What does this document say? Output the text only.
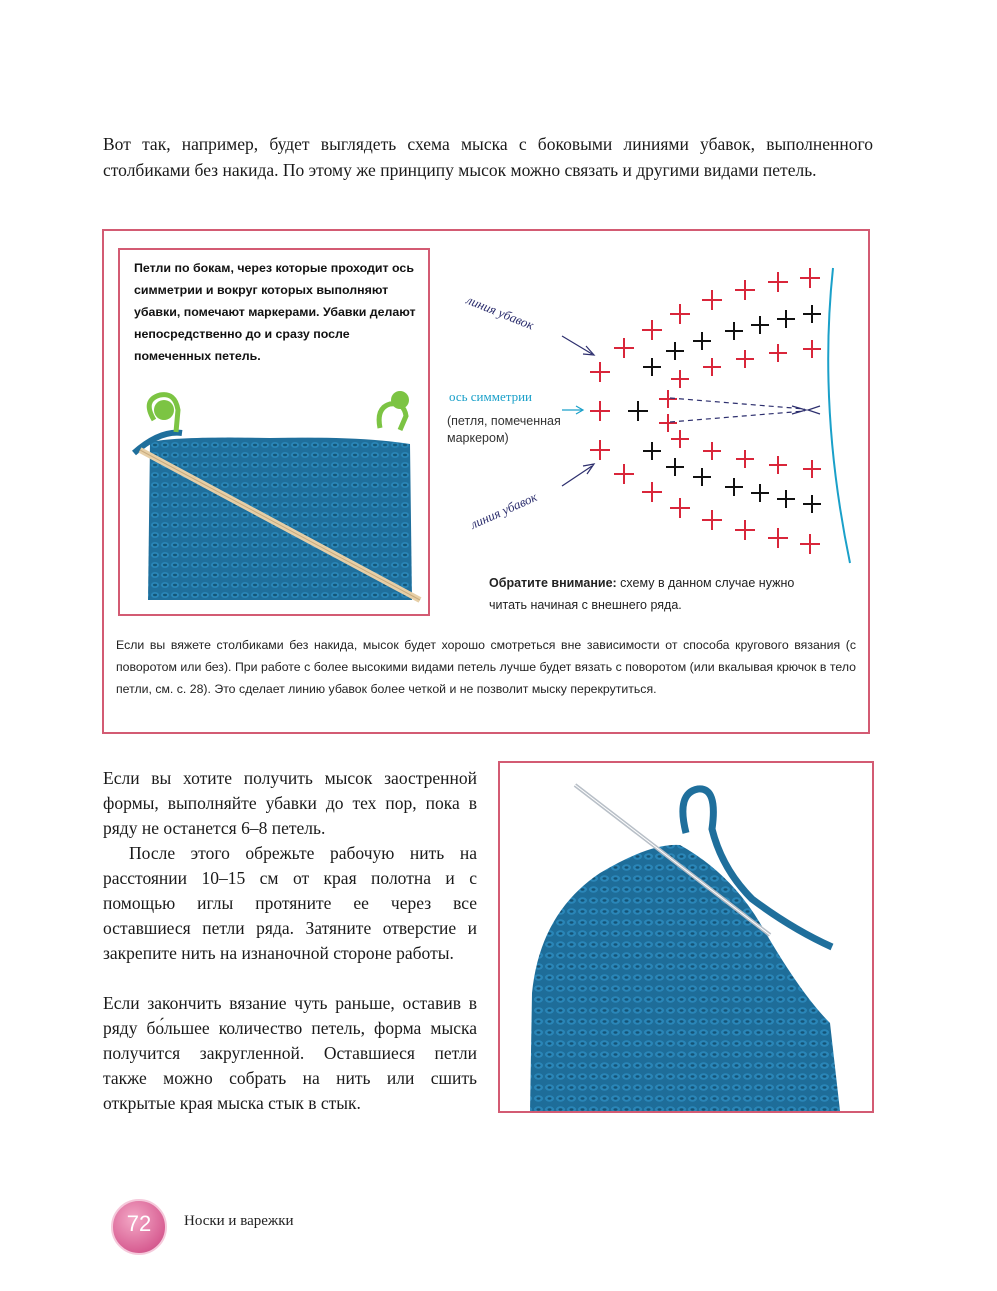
Вот так, например, будет выглядеть схема мыска с боковыми линиями убавок, выполненного столбиками без накида. По этому же принципу мысок можно связать и другими видами петель.

Петли по бокам, через которые проходит ось симметрии и вокруг которых выполняют убавки, помечают маркерами. Убавки делают непосредственно до и сразу после помеченных петель.

линия убавок
линия убавок
ось симметрии
(петля, помеченная маркером)

Обратите внимание: схему в данном случае нужно читать начиная с внешнего ряда.

Если вы вяжете столбиками без накида, мысок будет хорошо смотреться вне зависимости от способа кругового вязания (с поворотом или без). При работе с более высокими видами петель лучше будет вязать с поворотом (или вкалывая крючок в тело петли, см. с. 28). Это сделает линию убавок более четкой и не позволит мыску перекрутиться.

Если вы хотите получить мысок заостренной формы, выполняйте убавки до тех пор, пока в ряду не останется 6–8 петель.

После этого обрежьте рабочую нить на расстоянии 10–15 см от края полотна и с помощью иглы протяните ее через все оставшиеся петли ряда. Затяните отверстие и закрепите нить на изнаночной стороне работы.

Если закончить вязание чуть раньше, оставив в ряду бо́льшее количество петель, форма мыска получится закругленной. Оставшиеся петли также можно собрать на нить или сшить открытые края мыска стык в стык.

72	Носки и варежки
